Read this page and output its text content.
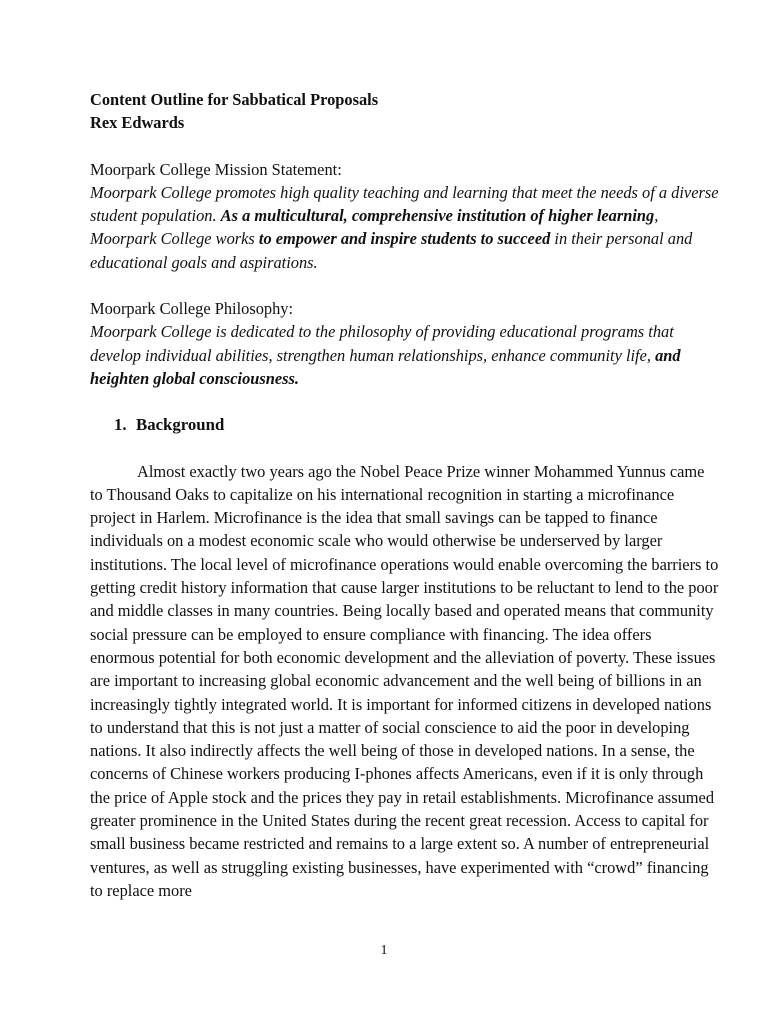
Content Outline for Sabbatical Proposals

Rex Edwards

Moorpark College Mission Statement:

Moorpark College promotes high quality teaching and learning that meet the needs of a diverse student population. As a multicultural, comprehensive institution of higher learning, Moorpark College works to empower and inspire students to succeed in their personal and educational goals and aspirations.

Moorpark College Philosophy:

Moorpark College is dedicated to the philosophy of providing educational programs that develop individual abilities, strengthen human relationships, enhance community life, and heighten global consciousness.

1. Background

Almost exactly two years ago the Nobel Peace Prize winner Mohammed Yunnus came to Thousand Oaks to capitalize on his international recognition in starting a microfinance project in Harlem. Microfinance is the idea that small savings can be tapped to finance individuals on a modest economic scale who would otherwise be underserved by larger institutions. The local level of microfinance operations would enable overcoming the barriers to getting credit history information that cause larger institutions to be reluctant to lend to the poor and middle classes in many countries. Being locally based and operated means that community social pressure can be employed to ensure compliance with financing. The idea offers enormous potential for both economic development and the alleviation of poverty. These issues are important to increasing global economic advancement and the well being of billions in an increasingly tightly integrated world. It is important for informed citizens in developed nations to understand that this is not just a matter of social conscience to aid the poor in developing nations. It also indirectly affects the well being of those in developed nations. In a sense, the concerns of Chinese workers producing I-phones affects Americans, even if it is only through the price of Apple stock and the prices they pay in retail establishments. Microfinance assumed greater prominence in the United States during the recent great recession. Access to capital for small business became restricted and remains to a large extent so. A number of entrepreneurial ventures, as well as struggling existing businesses, have experimented with “crowd” financing to replace more

1
